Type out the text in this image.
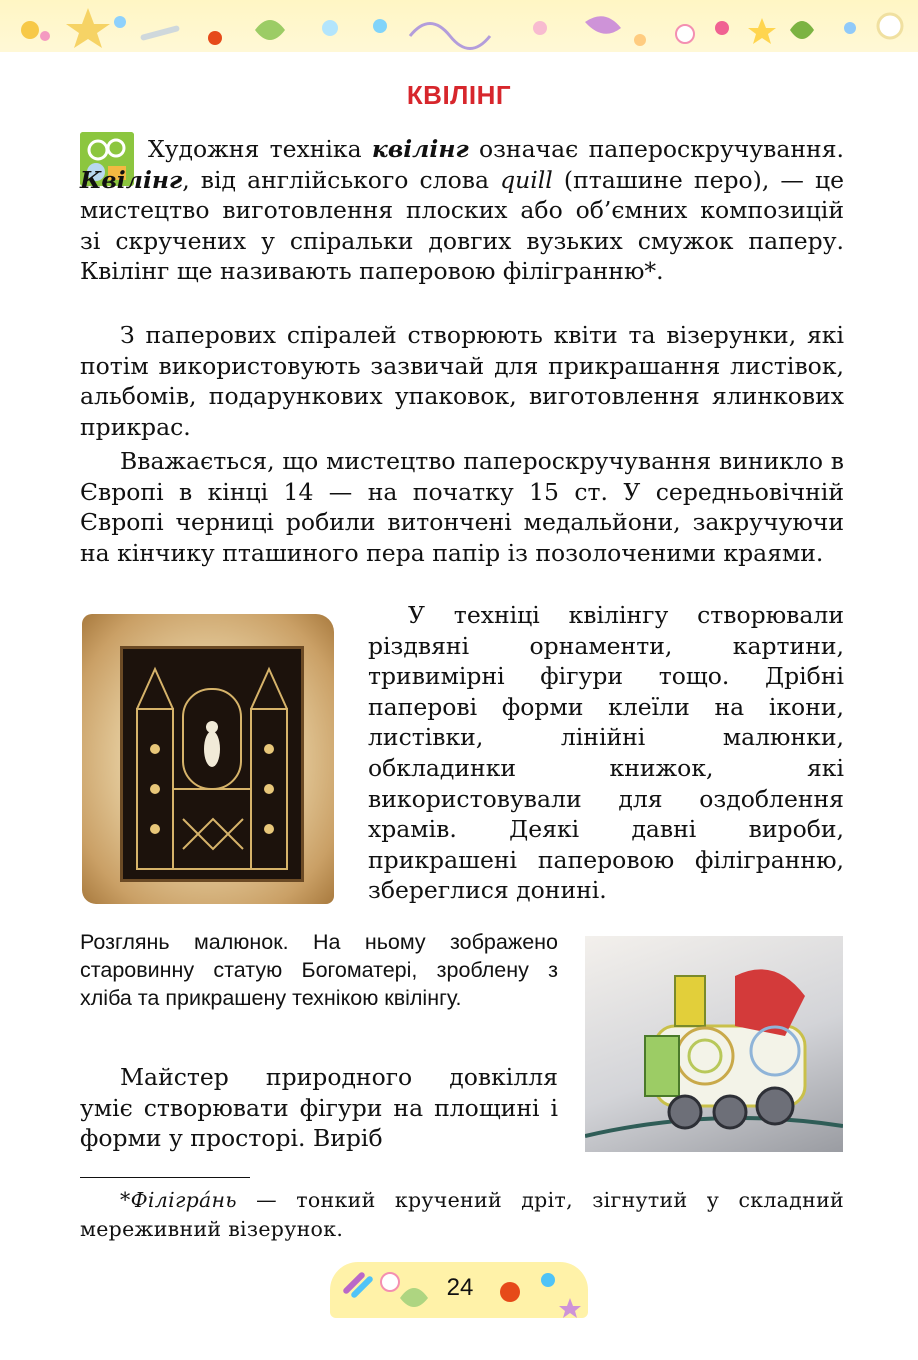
КВІЛІНГ
Художня техніка квілінг означає папероскручування. Квілінг, від англійського слова quill (пташине перо), — це мистецтво виготовлення плоских або об’ємних композицій зі скручених у спіральки довгих вузьких смужок паперу. Квілінг ще називають паперовою філігранню*.
З паперових спіралей створюють квіти та візерунки, які потім використовують зазвичай для прикрашання листівок, альбомів, подарункових упаковок, виготовлення ялинкових прикрас.
Вважається, що мистецтво папероскручування виникло в Європі в кінці 14 — на початку 15 ст. У середньовічній Європі черниці робили витончені медальйони, закручуючи на кінчику пташиного пера папір із позолоченими краями.
У техніці квілінгу створювали різдвяні орнаменти, картини, тривимірні фігури тощо. Дрібні паперові форми клеїли на ікони, листівки, лінійні малюнки, обкладинки книжок, які використовували для оздоблення храмів. Деякі давні вироби, прикрашені паперовою філігранню, збереглися донині.
Розглянь малюнок. На ньому зображено старовинну статую Богоматері, зроблену з хліба та прикрашену технікою квілінгу.
Майстер природного довкілля уміє створювати фігури на площині і форми у просторі. Виріб
*Філігра́нь — тонкий кручений дріт, зігнутий у складний мереживний візерунок.
24
